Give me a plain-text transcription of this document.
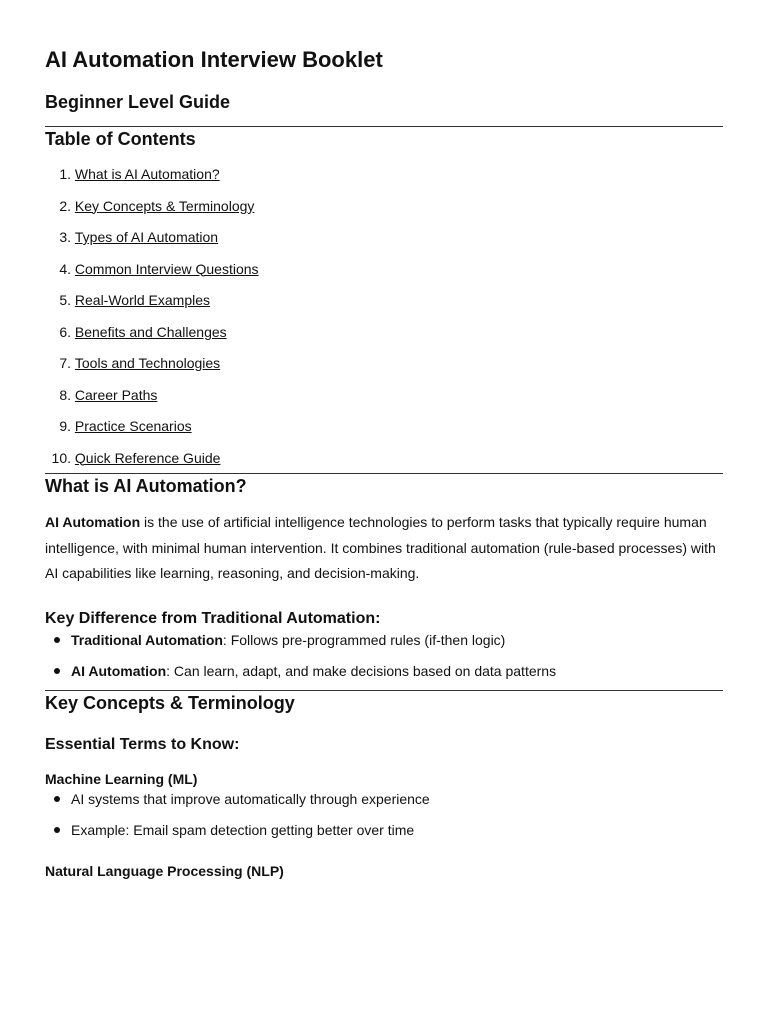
AI Automation Interview Booklet
Beginner Level Guide
Table of Contents
1.
What is AI Automation?
2.
Key Concepts & Terminology
3.
Types of AI Automation
4.
Common Interview Questions
5.
Real-World Examples
6.
Benefits and Challenges
7.
Tools and Technologies
8.
Career Paths
9.
Practice Scenarios
10.
Quick Reference Guide
What is AI Automation?

AI Automation is the use of artificial intelligence technologies to perform tasks that typically require human intelligence, with minimal human intervention. It combines traditional automation (rule-based processes) with AI capabilities like learning, reasoning, and decision-making.

Key Difference from Traditional Automation:
Traditional Automation: Follows pre-programmed rules (if-then logic)
AI Automation: Can learn, adapt, and make decisions based on data patterns
Key Concepts & Terminology
Essential Terms to Know:
Machine Learning (ML)
AI systems that improve automatically through experience
Example: Email spam detection getting better over time
Natural Language Processing (NLP)
